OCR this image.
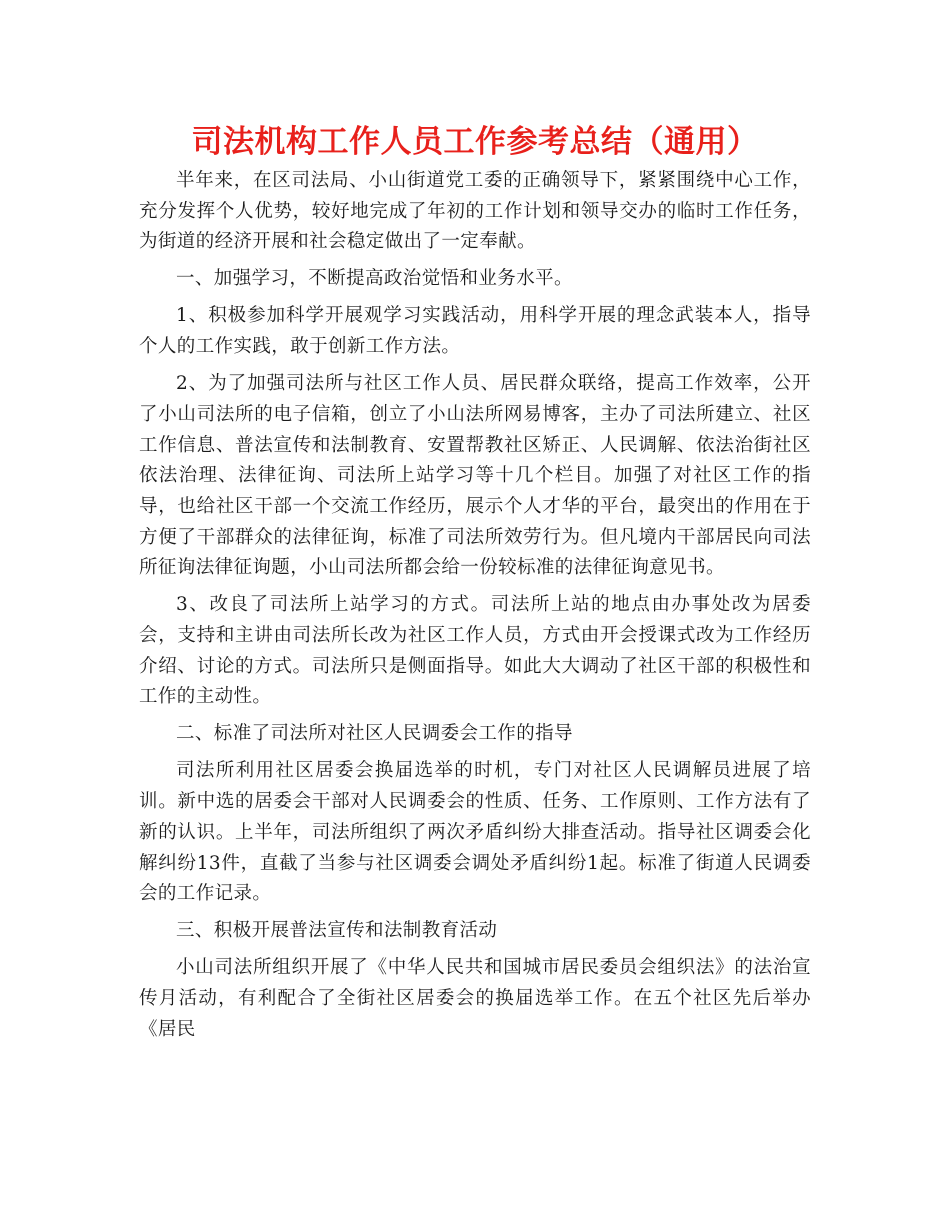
司法机构工作人员工作参考总结（通用）

半年来，在区司法局、小山街道党工委的正确领导下，紧紧围绕中心工作，充分发挥个人优势，较好地完成了年初的工作计划和领导交办的临时工作任务，为街道的经济开展和社会稳定做出了一定奉献。

一、加强学习，不断提高政治觉悟和业务水平。

1、积极参加科学开展观学习实践活动，用科学开展的理念武装本人，指导个人的工作实践，敢于创新工作方法。

2、为了加强司法所与社区工作人员、居民群众联络，提高工作效率，公开了小山司法所的电子信箱，创立了小山法所网易博客，主办了司法所建立、社区工作信息、普法宣传和法制教育、安置帮教社区矫正、人民调解、依法治街社区依法治理、法律征询、司法所上站学习等十几个栏目。加强了对社区工作的指导，也给社区干部一个交流工作经历，展示个人才华的平台，最突出的作用在于方便了干部群众的法律征询，标准了司法所效劳行为。但凡境内干部居民向司法所征询法律征询题，小山司法所都会给一份较标准的法律征询意见书。

3、改良了司法所上站学习的方式。司法所上站的地点由办事处改为居委会，支持和主讲由司法所长改为社区工作人员，方式由开会授课式改为工作经历介绍、讨论的方式。司法所只是侧面指导。如此大大调动了社区干部的积极性和工作的主动性。

二、标准了司法所对社区人民调委会工作的指导

司法所利用社区居委会换届选举的时机，专门对社区人民调解员进展了培训。新中选的居委会干部对人民调委会的性质、任务、工作原则、工作方法有了新的认识。上半年，司法所组织了两次矛盾纠纷大排查活动。指导社区调委会化解纠纷13件，直截了当参与社区调委会调处矛盾纠纷1起。标准了街道人民调委会的工作记录。

三、积极开展普法宣传和法制教育活动

小山司法所组织开展了《中华人民共和国城市居民委员会组织法》的法治宣传月活动，有利配合了全街社区居委会的换届选举工作。在五个社区先后举办《居民
